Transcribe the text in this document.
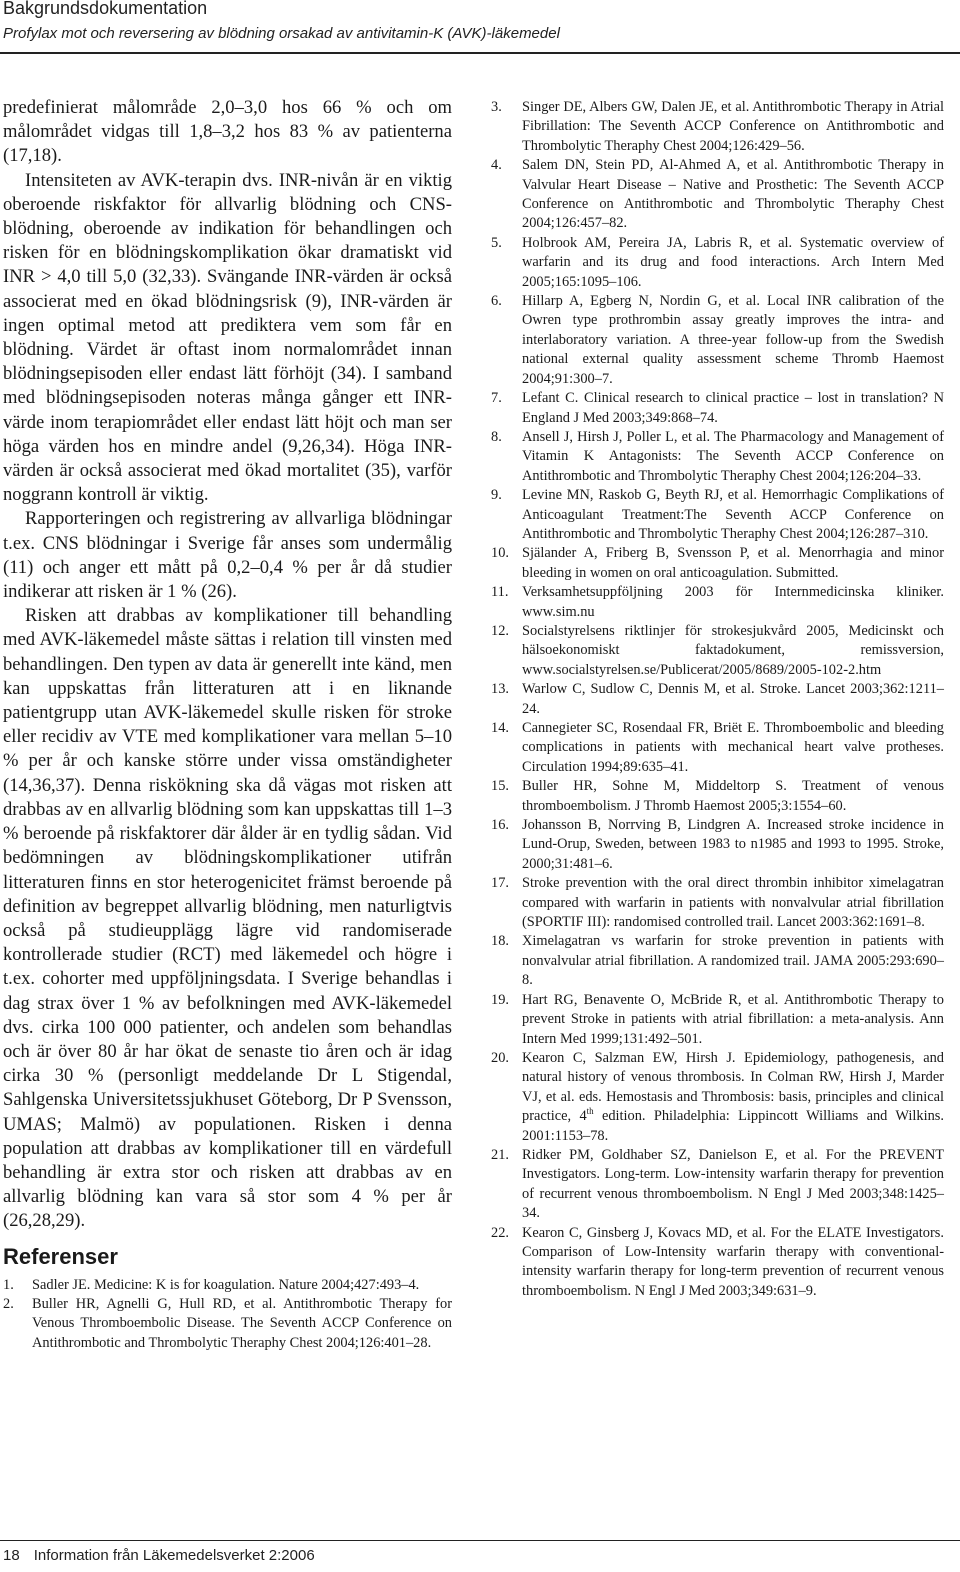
Bakgrundsdokumentation
Profylax mot och reversering av blödning orsakad av antivitamin-K (AVK)-läkemedel

predefinierat målområde 2,0–3,0 hos 66 % och om målområdet vidgas till 1,8–3,2 hos 83 % av patienterna (17,18).

Intensiteten av AVK-terapin dvs. INR-nivån är en viktig oberoende riskfaktor för allvarlig blödning och CNS-blödning, oberoende av indikation för behandlingen och risken för en blödningskomplikation ökar dramatiskt vid INR > 4,0 till 5,0 (32,33). Svängande INR-värden är också associerat med en ökad blödningsrisk (9), INR-värden är ingen optimal metod att prediktera vem som får en blödning. Värdet är oftast inom normalområdet innan blödningsepisoden eller endast lätt förhöjt (34). I samband med blödningsepisoden noteras många gånger ett INR-värde inom terapiområdet eller endast lätt höjt och man ser höga värden hos en mindre andel (9,26,34). Höga INR-värden är också associerat med ökad mortalitet (35), varför noggrann kontroll är viktig.

Rapporteringen och registrering av allvarliga blödningar t.ex. CNS blödningar i Sverige får anses som undermålig (11) och anger ett mått på 0,2–0,4 % per år då studier indikerar att risken är 1 % (26).

Risken att drabbas av komplikationer till behandling med AVK-läkemedel måste sättas i relation till vinsten med behandlingen. Den typen av data är generellt inte känd, men kan uppskattas från litteraturen att i en liknande patientgrupp utan AVK-läkemedel skulle risken för stroke eller recidiv av VTE med komplikationer vara mellan 5–10 % per år och kanske större under vissa omständigheter (14,36,37). Denna riskökning ska då vägas mot risken att drabbas av en allvarlig blödning som kan uppskattas till 1–3 % beroende på riskfaktorer där ålder är en tydlig sådan. Vid bedömningen av blödningskomplikationer utifrån litteraturen finns en stor heterogenicitet främst beroende på definition av begreppet allvarlig blödning, men naturligtvis också på studieupplägg lägre vid randomiserade kontrollerade studier (RCT) med läkemedel och högre i t.ex. cohorter med uppföljningsdata. I Sverige behandlas i dag strax över 1 % av befolkningen med AVK-läkemedel dvs. cirka 100 000 patienter, och andelen som behandlas och är över 80 år har ökat de senaste tio åren och är idag cirka 30 % (personligt meddelande Dr L Stigendal, Sahlgenska Universitetssjukhuset Göteborg, Dr P Svensson, UMAS; Malmö) av populationen. Risken i denna population att drabbas av komplikationer till en värdefull behandling är extra stor och risken att drabbas av en allvarlig blödning kan vara så stor som 4 % per år (26,28,29).

Referenser
1.	Sadler JE. Medicine: K is for koagulation. Nature 2004;427:493–4.
2.	Buller HR, Agnelli G, Hull RD, et al. Antithrombotic Therapy for Venous Thromboembolic Disease. The Seventh ACCP Conference on Antithrombotic and Thrombolytic Theraphy Chest 2004;126:401–28.
3.	Singer DE, Albers GW, Dalen JE, et al. Antithrombotic Therapy in Atrial Fibrillation: The Seventh ACCP Conference on Antithrombotic and Thrombolytic Theraphy Chest 2004;126:429–56.
4.	Salem DN, Stein PD, Al-Ahmed A, et al. Antithrombotic Therapy in Valvular Heart Disease – Native and Prosthetic: The Seventh ACCP Conference on Antithrombotic and Thrombolytic Theraphy Chest 2004;126:457–82.
5.	Holbrook AM, Pereira JA, Labris R, et al. Systematic overview of warfarin and its drug and food interactions. Arch Intern Med 2005;165:1095–106.
6.	Hillarp A, Egberg N, Nordin G, et al. Local INR calibration of the Owren type prothrombin assay greatly improves the intra- and interlaboratory variation. A three-year follow-up from the Swedish national external quality assessment scheme Thromb Haemost 2004;91:300–7.
7.	Lefant C. Clinical research to clinical practice – lost in translation? N England J Med 2003;349:868–74.
8.	Ansell J, Hirsh J, Poller L, et al. The Pharmacology and Management of Vitamin K Antagonists: The Seventh ACCP Conference on Antithrombotic and Thrombolytic Theraphy Chest 2004;126:204–33.
9.	Levine MN, Raskob G, Beyth RJ, et al. Hemorrhagic Complikations of Anticoagulant Treatment:The Seventh ACCP Conference on Antithrombotic and Thrombolytic Theraphy Chest 2004;126:287–310.
10. Själander A, Friberg B, Svensson P, et al. Menorrhagia and minor bleeding in women on oral anticoagulation. Submitted.
11. Verksamhetsuppföljning 2003 för Internmedicinska kliniker. www.sim.nu
12. Socialstyrelsens riktlinjer för strokesjukvård 2005, Medicinskt och hälsoekonomiskt faktadokument, remissversion, www.socialstyrelsen.se/Publicerat/2005/8689/2005-102-2.htm
13. Warlow C, Sudlow C, Dennis M, et al. Stroke. Lancet 2003;362:1211–24.
14. Cannegieter SC, Rosendaal FR, Briët E. Thromboembolic and bleeding complications in patients with mechanical heart valve protheses. Circulation 1994;89:635–41.
15. Buller HR, Sohne M, Middeltorp S. Treatment of venous thromboembolism. J Thromb Haemost 2005;3:1554–60.
16. Johansson B, Norrving B, Lindgren A. Increased stroke incidence in Lund-Orup, Sweden, between 1983 to n1985 and 1993 to 1995. Stroke, 2000;31:481–6.
17. Stroke prevention with the oral direct thrombin inhibitor ximelagatran compared with warfarin in patients with nonvalvular atrial fibrillation (SPORTIF III): randomised controlled trail. Lancet 2003:362:1691–8.
18. Ximelagatran vs warfarin for stroke prevention in patients with nonvalvular atrial fibrillation. A randomized trail. JAMA 2005:293:690–8.
19. Hart RG, Benavente O, McBride R, et al. Antithrombotic Therapy to prevent Stroke in patients with atrial fibrillation: a meta-analysis. Ann Intern Med 1999;131:492–501.
20. Kearon C, Salzman EW, Hirsh J. Epidemiology, pathogenesis, and natural history of venous thrombosis. In Colman RW, Hirsh J, Marder VJ, et al. eds. Hemostasis and Thrombosis: basis, principles and clinical practice, 4th edition. Philadelphia: Lippincott Williams and Wilkins. 2001:1153–78.
21. Ridker PM, Goldhaber SZ, Danielson E, et al. For the PREVENT Investigators. Long-term. Low-intensity warfarin therapy for prevention of recurrent venous thromboembolism. N Engl J Med 2003;348:1425–34.
22. Kearon C, Ginsberg J, Kovacs MD, et al. For the ELATE Investigators. Comparison of Low-Intensity warfarin therapy with conventional-intensity warfarin therapy for long-term prevention of recurrent venous thromboembolism. N Engl J Med 2003;349:631–9.
18 Information från Läkemedelsverket 2:2006
